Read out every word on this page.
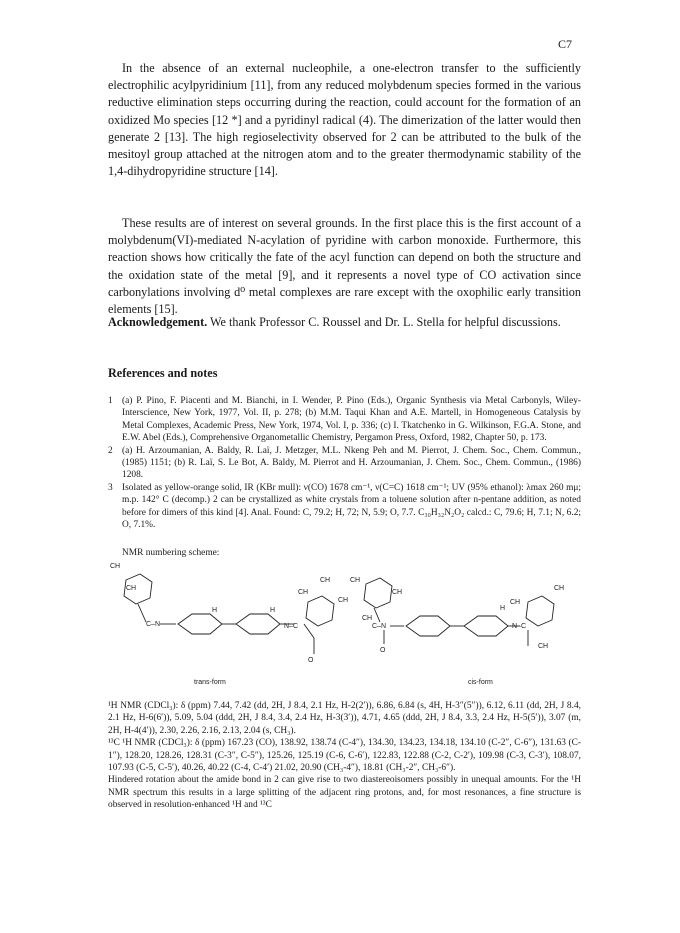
C7

In the absence of an external nucleophile, a one-electron transfer to the sufficiently electrophilic acylpyridinium [11], from any reduced molybdenum species formed in the various reductive elimination steps occurring during the reaction, could account for the formation of an oxidized Mo species [12 *] and a pyridinyl radical (4). The dimerization of the latter would then generate 2 [13]. The high regioselectivity observed for 2 can be attributed to the bulk of the mesitoyl group attached at the nitrogen atom and to the greater thermodynamic stability of the 1,4-dihydropyridine structure [14].

These results are of interest on several grounds. In the first place this is the first account of a molybdenum(VI)-mediated N-acylation of pyridine with carbon monoxide. Furthermore, this reaction shows how critically the fate of the acyl function can depend on both the structure and the oxidation state of the metal [9], and it represents a novel type of CO activation since carbonylations involving d⁰ metal complexes are rare except with the oxophilic early transition elements [15].

Acknowledgement. We thank Professor C. Roussel and Dr. L. Stella for helpful discussions.
References and notes
1 (a) P. Pino, F. Piacenti and M. Bianchi, in I. Wender, P. Pino (Eds.), Organic Synthesis via Metal Carbonyls, Wiley-Interscience, New York, 1977, Vol. II, p. 278; (b) M.M. Taqui Khan and A.E. Martell, in Homogeneous Catalysis by Metal Complexes, Academic Press, New York, 1974, Vol. I, p. 336; (c) I. Tkatchenko in G. Wilkinson, F.G.A. Stone, and E.W. Abel (Eds.), Comprehensive Organometallic Chemistry, Pergamon Press, Oxford, 1982, Chapter 50, p. 173.
2 (a) H. Arzoumanian, A. Baldy, R. Laï, J. Metzger, M.L. Nkeng Peh and M. Pierrot, J. Chem. Soc., Chem. Commun., (1985) 1151; (b) R. Laï, S. Le Bot, A. Baldy, M. Pierrot and H. Arzoumanian, J. Chem. Soc., Chem. Commun., (1986) 1208.
3 Isolated as yellow-orange solid, IR (KBr mull): ν(CO) 1678 cm⁻¹, ν(C=C) 1618 cm⁻¹; UV (95% ethanol): λmax 260 mμ; m.p. 142° C (decomp.) 2 can be crystallized as white crystals from a toluene solution after n-pentane addition, as noted before for dimers of this kind [4]. Anal. Found: C, 79.2; H, 72; N, 5.9; O, 7.7. C₃₀H₃₂N₂O₂ calcd.: C, 79.6; H, 7.1; N, 6.2; O, 7.1%.
NMR numbering scheme:
CH
CH
C–N
H
N–C
O
CH
CH
CH	CH
C–N
O
CH
H
N–C
CH
CH
CH
CH
H
trans-form	cis-form

¹H NMR (CDCl₃): δ (ppm) 7.44, 7.42 (dd, 2H, J 8.4, 2.1 Hz, H-2(2′)), 6.86, 6.84 (s, 4H, H-3″(5″)), 6.12, 6.11 (dd, 2H, J 8.4, 2.1 Hz, H-6(6′)), 5.09, 5.04 (ddd, 2H, J 8.4, 3.4, 2.4 Hz, H-3(3′)), 4.71, 4.65 (ddd, 2H, J 8.4, 3.3, 2.4 Hz, H-5(5′)), 3.07 (m, 2H, H-4(4′)), 2.30, 2.26, 2.16, 2.13, 2.04 (s, CH₃).

¹³C ¹H NMR (CDCl₃): δ (ppm) 167.23 (CO), 138.92, 138.74 (C-4″), 134.30, 134.23, 134.18, 134.10 (C-2″, C-6″), 131.63 (C-1″), 128.20, 128.26, 128.31 (C-3″, C-5″), 125.26, 125.19 (C-6, C-6′), 122.83, 122.88 (C-2, C-2′), 109.98 (C-3, C-3′), 108.07, 107.93 (C-5, C-5′), 40.26, 40.22 (C-4, C-4′) 21.02, 20.90 (CH₃-4″), 18.81 (CH₃-2″, CH₃-6″).

Hindered rotation about the amide bond in 2 can give rise to two diastereoisomers possibly in unequal amounts. For the ¹H NMR spectrum this results in a large splitting of the adjacent ring protons, and, for most resonances, a fine structure is observed in resolution-enhanced ¹H and ¹³C
